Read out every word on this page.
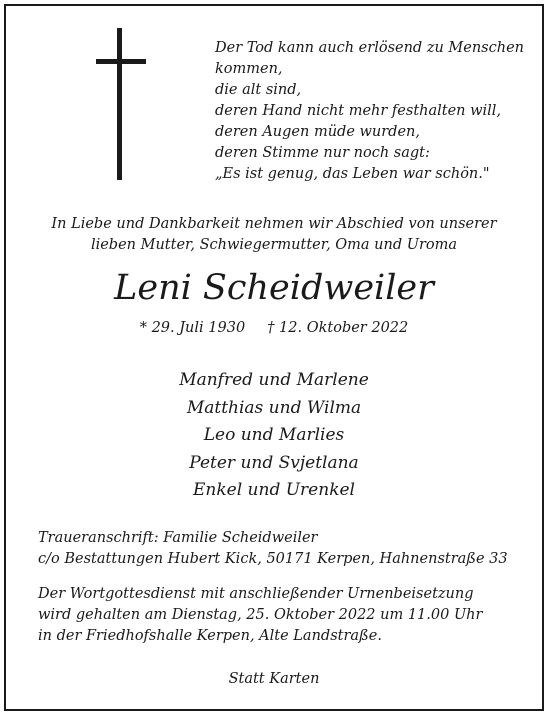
Der Tod kann auch erlösend zu Menschen
kommen,
die alt sind,
deren Hand nicht mehr festhalten will,
deren Augen müde wurden,
deren Stimme nur noch sagt:
„Es ist genug, das Leben war schön."
In Liebe und Dankbarkeit nehmen wir Abschied von unserer
lieben Mutter, Schwiegermutter, Oma und Uroma
Leni Scheidweiler
* 29. Juli 1930 † 12. Oktober 2022
Manfred und Marlene
Matthias und Wilma
Leo und Marlies
Peter und Svjetlana
Enkel und Urenkel
Traueranschrift: Familie Scheidweiler
c/o Bestattungen Hubert Kick, 50171 Kerpen, Hahnenstraße 33
Der Wortgottesdienst mit anschließender Urnenbeisetzung
wird gehalten am Dienstag, 25. Oktober 2022 um 11.00 Uhr
in der Friedhofshalle Kerpen, Alte Landstraße.
Statt Karten
